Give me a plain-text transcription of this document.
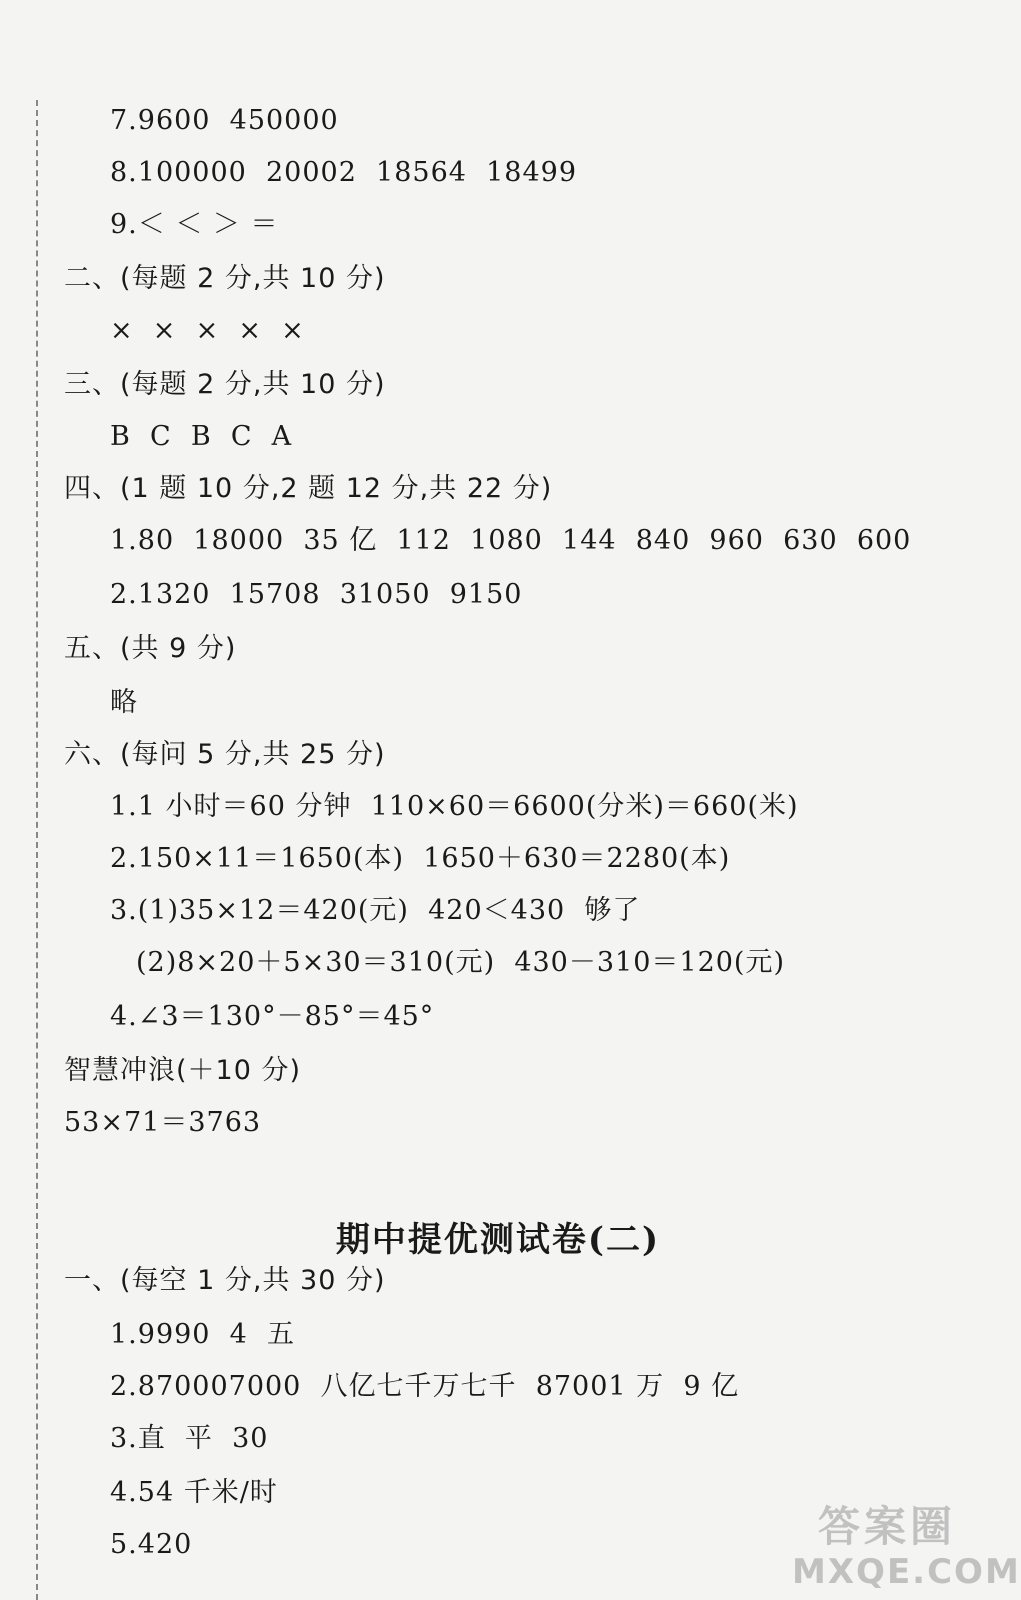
7.9600  450000
8.100000  20002  18564  18499
9.＜ ＜ ＞ ＝
二、(每题 2 分,共 10 分)
×  ×  ×  ×  ×
三、(每题 2 分,共 10 分)
B  C  B  C  A
四、(1 题 10 分,2 题 12 分,共 22 分)
1.80  18000  35 亿  112  1080  144  840  960  630  600
2.1320  15708  31050  9150
五、(共 9 分)
略
六、(每问 5 分,共 25 分)
1.1 小时＝60 分钟  110×60＝6600(分米)＝660(米)
2.150×11＝1650(本)  1650＋630＝2280(本)
3.(1)35×12＝420(元)  420＜430  够了
(2)8×20＋5×30＝310(元)  430－310＝120(元)
4.∠3＝130°－85°＝45°
智慧冲浪(＋10 分)
53×71＝3763
期中提优测试卷(二)
一、(每空 1 分,共 30 分)
1.9990  4  五
2.870007000  八亿七千万七千  87001 万  9 亿
3.直  平  30
4.54 千米/时
5.420	答案圈
MXQE.COM
